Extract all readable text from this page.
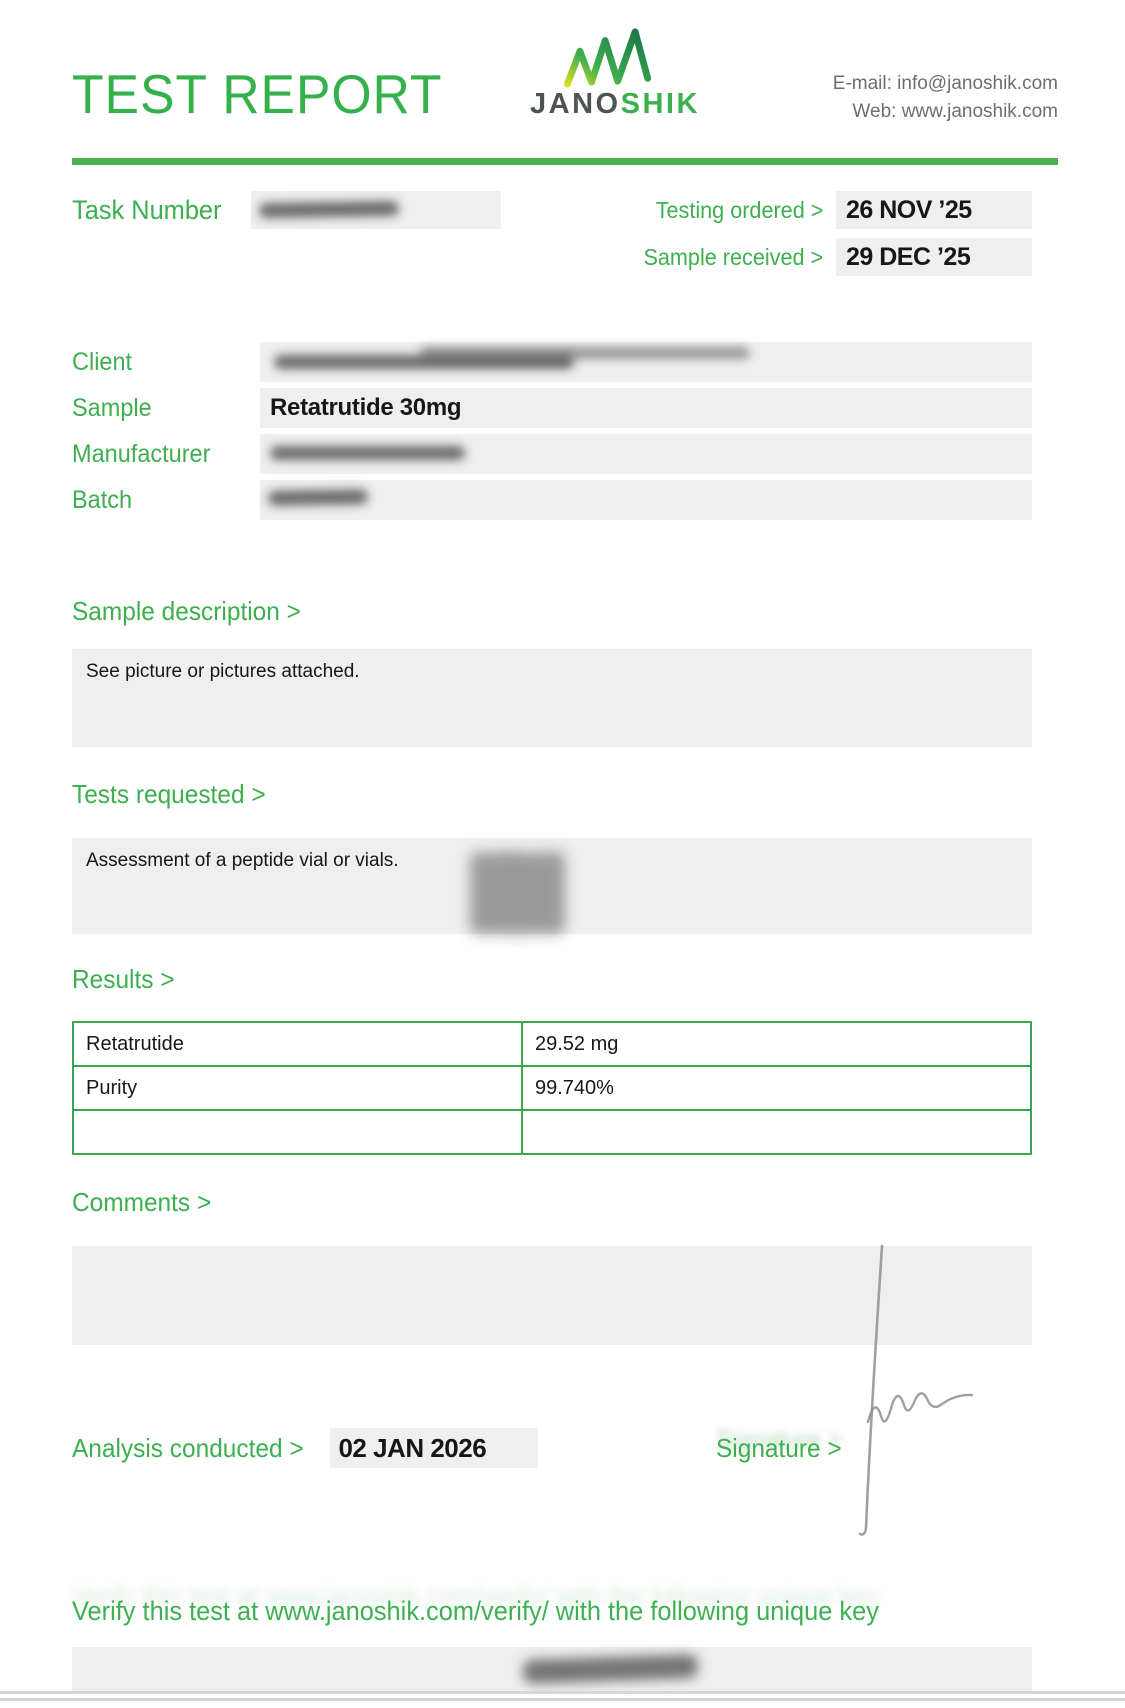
TEST REPORT	JANOSHIK
E-mail: info@janoshik.com
Web: www.janoshik.com
Task Number	Testing ordered > 26 NOV ’25
Sample received > 29 DEC ’25
Client
Sample	Retatrutide 30mg
Manufacturer
Batch
Sample description >
See picture or pictures attached.
Tests requested >
Assessment of a peptide vial or vials.
Results >
Retatrutide	29.52 mg
Purity	99.740%

Comments >
Analysis conducted >	02 JAN 2026	Signature >
Verify this test at www.janoshik.com/verify/ with the following unique key
